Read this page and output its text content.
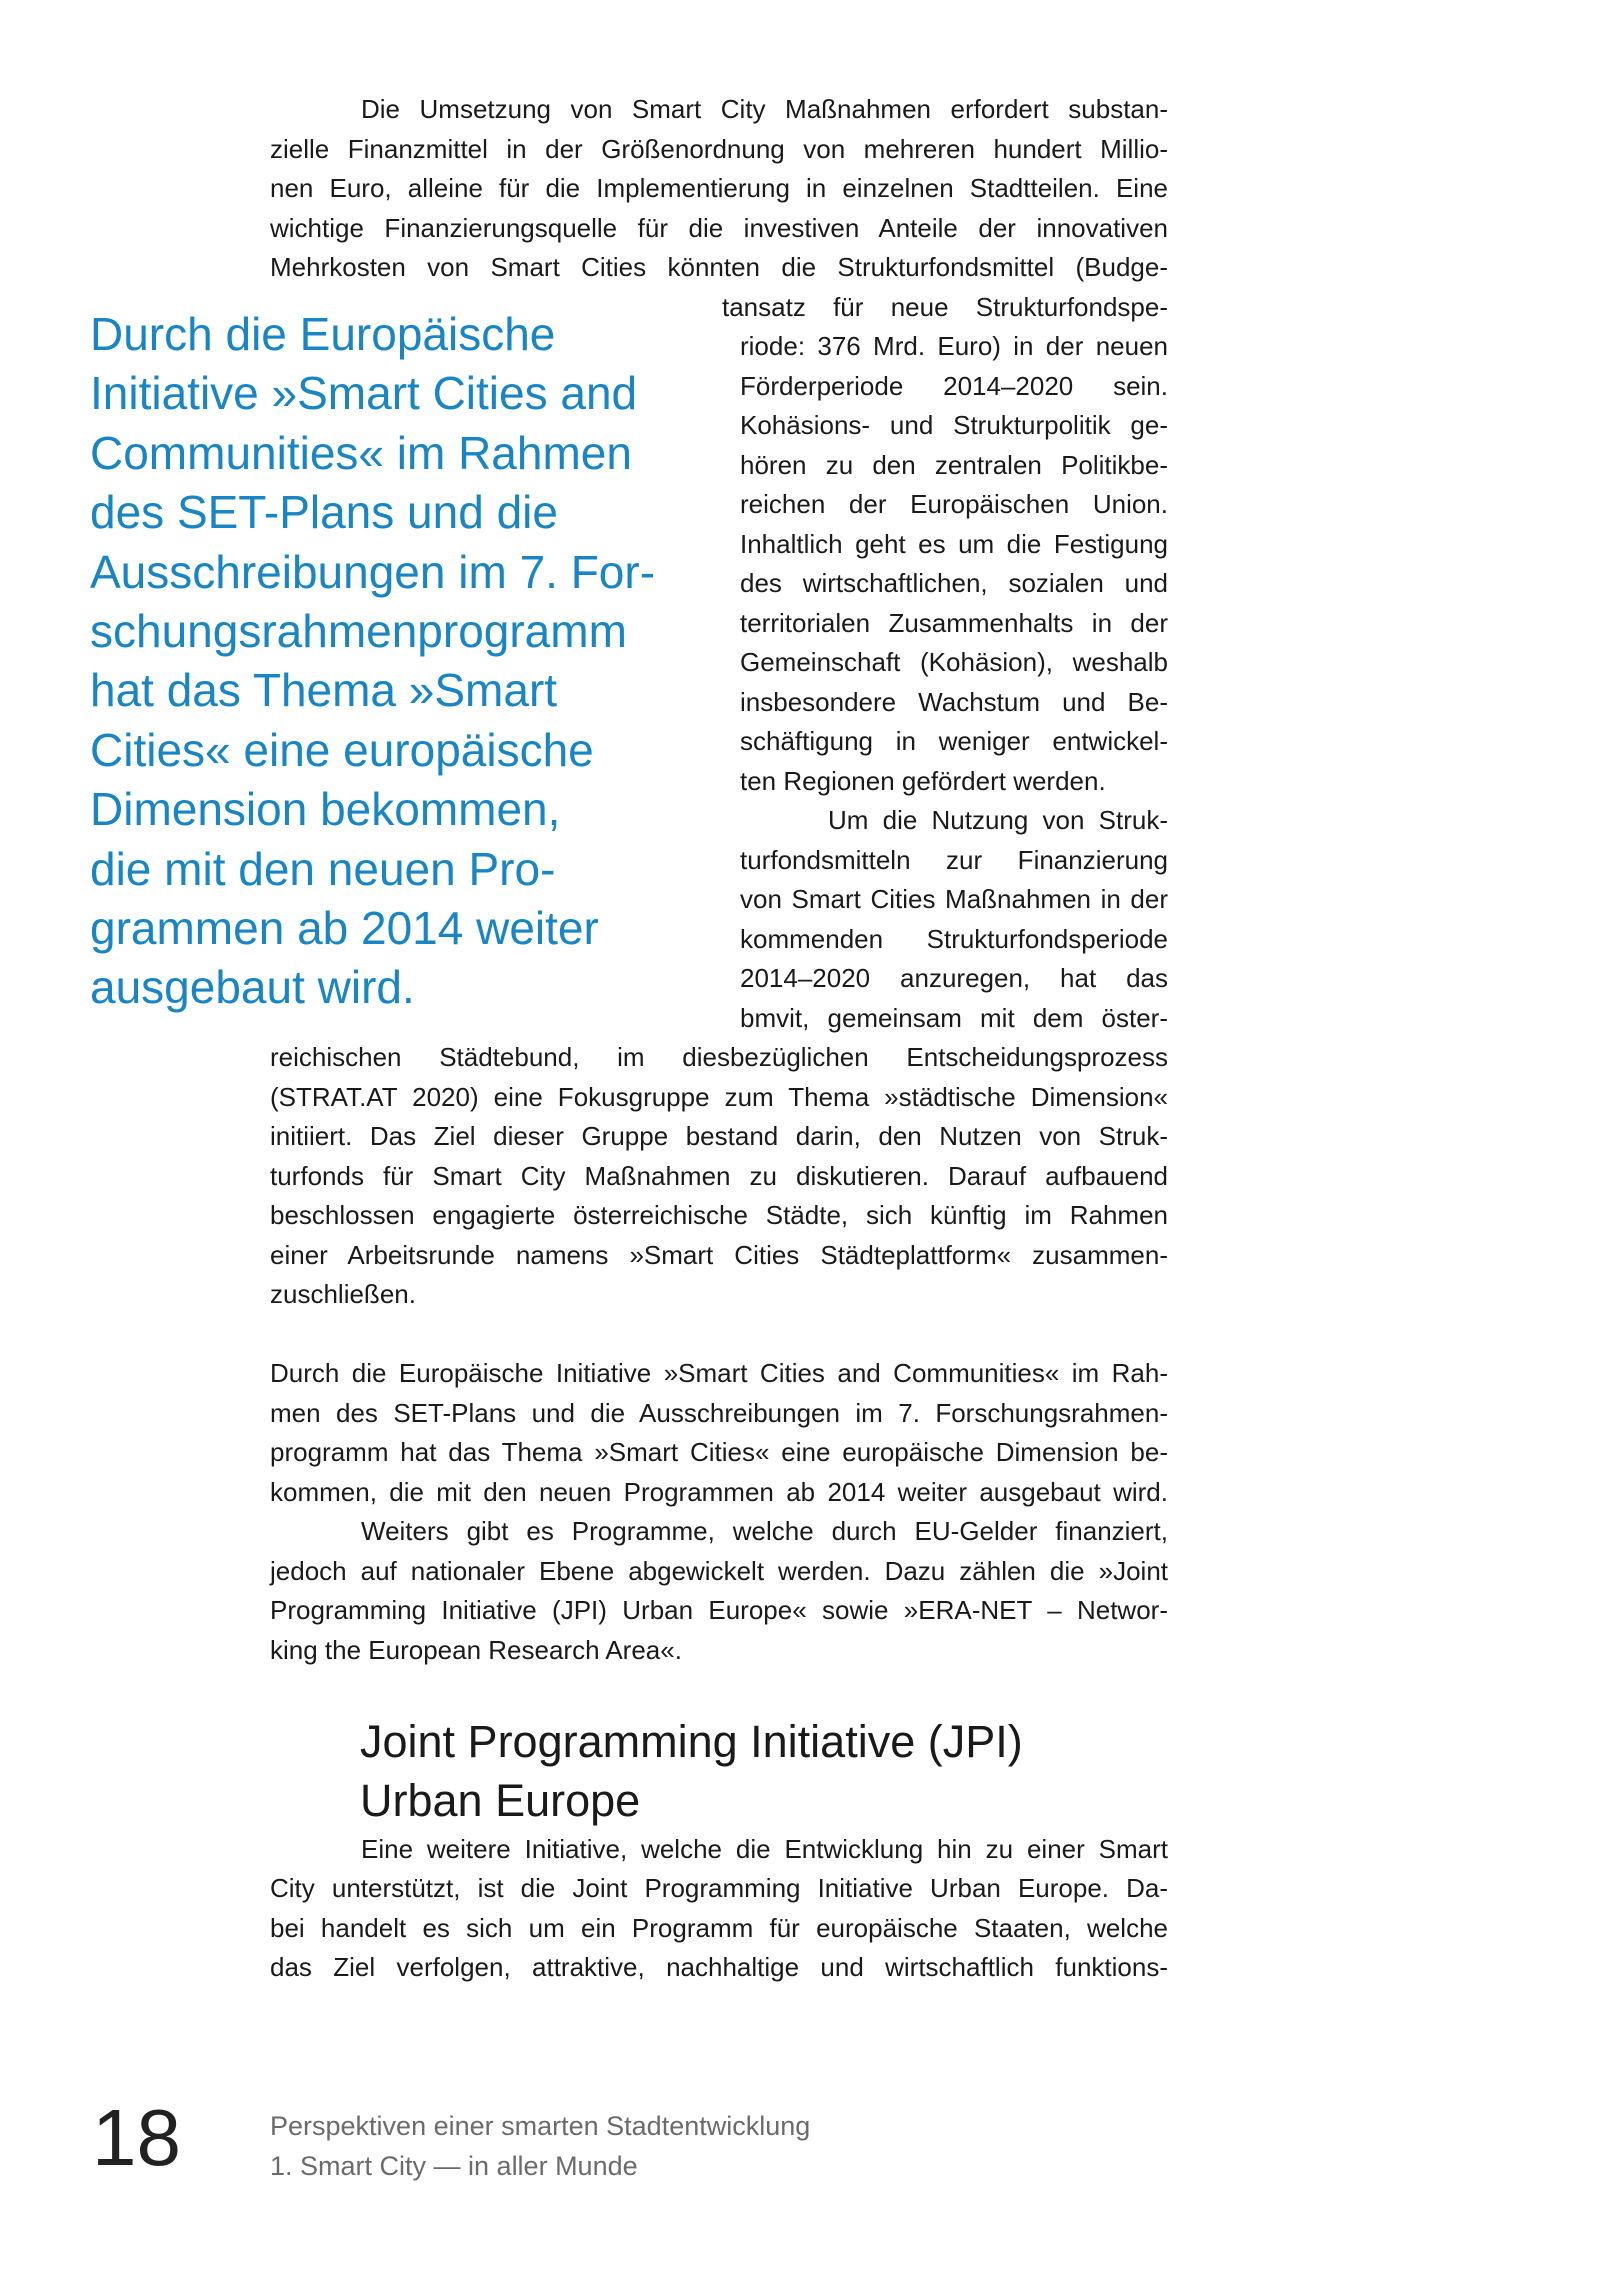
Die Umsetzung von Smart City Maßnahmen erfordert substan-
zielle Finanzmittel in der Größenordnung von mehreren hundert Millio-
nen Euro, alleine für die Implementierung in einzelnen Stadtteilen. Eine
wichtige Finanzierungsquelle für die investiven Anteile der innovativen
Mehrkosten von Smart Cities könnten die Strukturfondsmittel (Budge-
tansatz für neue Strukturfondspe-
riode: 376 Mrd. Euro) in der neuen
Förderperiode 2014–2020 sein.
Kohäsions- und Strukturpolitik ge-
hören zu den zentralen Politikbe-
reichen der Europäischen Union.
Inhaltlich geht es um die Festigung
des wirtschaftlichen, sozialen und
territorialen Zusammenhalts in der
Gemeinschaft (Kohäsion), weshalb
insbesondere Wachstum und Be-
schäftigung in weniger entwickel-
ten Regionen gefördert werden.
Durch die Europäische
Initiative »Smart Cities and
Communities« im Rahmen
des SET-Plans und die
Ausschreibungen im 7. For-
schungsrahmenprogramm
hat das Thema »Smart
Cities« eine europäische
Dimension bekommen,
die mit den neuen Pro-
grammen ab 2014 weiter
ausgebaut wird.
Um die Nutzung von Struk-
turfondsmitteln zur Finanzierung
von Smart Cities Maßnahmen in der
kommenden Strukturfondsperiode
2014–2020 anzuregen, hat das
bmvit, gemeinsam mit dem öster-
reichischen Städtebund, im diesbezüglichen Entscheidungsprozess
(STRAT.AT 2020) eine Fokusgruppe zum Thema »städtische Dimension«
initiiert. Das Ziel dieser Gruppe bestand darin, den Nutzen von Struk-
turfonds für Smart City Maßnahmen zu diskutieren. Darauf aufbauend
beschlossen engagierte österreichische Städte, sich künftig im Rahmen
einer Arbeitsrunde namens »Smart Cities Städteplattform« zusammen-
zuschließen.
Durch die Europäische Initiative »Smart Cities and Communities« im Rah-
men des SET-Plans und die Ausschreibungen im 7. Forschungsrahmen-
programm hat das Thema »Smart Cities« eine europäische Dimension be-
kommen, die mit den neuen Programmen ab 2014 weiter ausgebaut wird.
Weiters gibt es Programme, welche durch EU-Gelder finanziert,
jedoch auf nationaler Ebene abgewickelt werden. Dazu zählen die »Joint
Programming Initiative (JPI) Urban Europe« sowie »ERA-NET – Networ-
king the European Research Area«.
Joint Programming Initiative (JPI)
Urban Europe
Eine weitere Initiative, welche die Entwicklung hin zu einer Smart
City unterstützt, ist die Joint Programming Initiative Urban Europe. Da-
bei handelt es sich um ein Programm für europäische Staaten, welche
das Ziel verfolgen, attraktive, nachhaltige und wirtschaftlich funktions-
18	Perspektiven einer smarten Stadtentwicklung
1. Smart City — in aller Munde
